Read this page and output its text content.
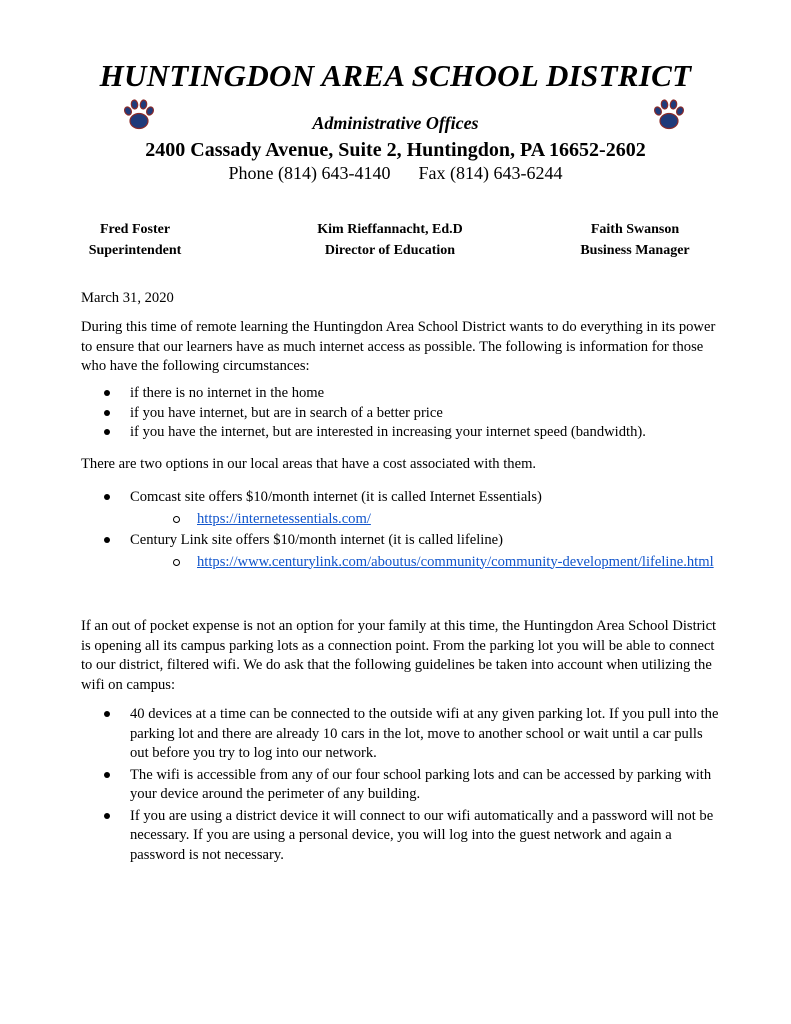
HUNTINGDON AREA SCHOOL DISTRICT
Administrative Offices
2400 Cassady Avenue, Suite 2, Huntingdon, PA 16652-2602
Phone (814) 643-4140 Fax (814) 643-6244
Fred Foster
Superintendent
Kim Rieffannacht, Ed.D
Director of Education
Faith Swanson
Business Manager
March 31, 2020
During this time of remote learning the Huntingdon Area School District wants to do everything in its power to ensure that our learners have as much internet access as possible. The following is information for those who have the following circumstances:
if there is no internet in the home
if you have internet, but are in search of a better price
if you have the internet, but are interested in increasing your internet speed (bandwidth).
There are two options in our local areas that have a cost associated with them.
Comcast site offers $10/month internet (it is called Internet Essentials)
https://internetessentials.com/
Century Link site offers $10/month internet (it is called lifeline)
https://www.centurylink.com/aboutus/community/community-development/lifeline.html
If an out of pocket expense is not an option for your family at this time, the Huntingdon Area School District is opening all its campus parking lots as a connection point. From the parking lot you will be able to connect to our district, filtered wifi. We do ask that the following guidelines be taken into account when utilizing the wifi on campus:
40 devices at a time can be connected to the outside wifi at any given parking lot. If you pull into the parking lot and there are already 10 cars in the lot, move to another school or wait until a car pulls out before you try to log into our network.
The wifi is accessible from any of our four school parking lots and can be accessed by parking with your device around the perimeter of any building.
If you are using a district device it will connect to our wifi automatically and a password will not be necessary. If you are using a personal device, you will log into the guest network and again a password is not necessary.
